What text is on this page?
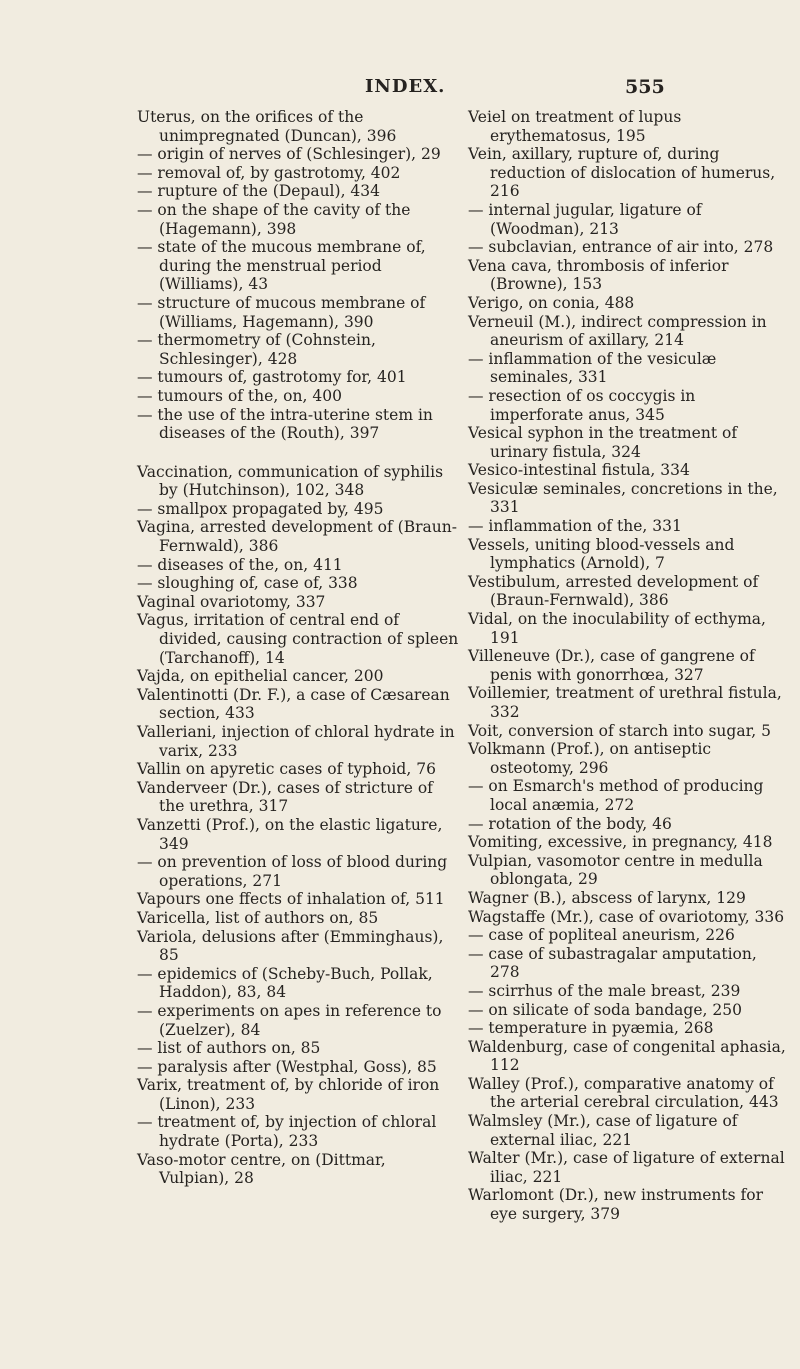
INDEX.	555

Uterus, on the orifices of the unimpregnated (Duncan), 396

— origin of nerves of (Schlesinger), 29

— removal of, by gastrotomy, 402

— rupture of the (Depaul), 434

— on the shape of the cavity of the (Hagemann), 398

— state of the mucous membrane of, during the menstrual period (Williams), 43

— structure of mucous membrane of (Williams, Hagemann), 390

— thermometry of (Cohnstein, Schlesinger), 428

— tumours of, gastrotomy for, 401

— tumours of the, on, 400

— the use of the intra-uterine stem in diseases of the (Routh), 397

Vaccination, communication of syphilis by (Hutchinson), 102, 348

— smallpox propagated by, 495

Vagina, arrested development of (Braun-Fernwald), 386

— diseases of the, on, 411

— sloughing of, case of, 338

Vaginal ovariotomy, 337

Vagus, irritation of central end of divided, causing contraction of spleen (Tarchanoff), 14

Vajda, on epithelial cancer, 200

Valentinotti (Dr. F.), a case of Cæsarean section, 433

Valleriani, injection of chloral hydrate in varix, 233

Vallin on apyretic cases of typhoid, 76

Vanderveer (Dr.), cases of stricture of the urethra, 317

Vanzetti (Prof.), on the elastic ligature, 349

— on prevention of loss of blood during operations, 271

Vapours one ffects of inhalation of, 511

Varicella, list of authors on, 85

Variola, delusions after (Emminghaus), 85

— epidemics of (Scheby-Buch, Pollak, Haddon), 83, 84

— experiments on apes in reference to (Zuelzer), 84

— list of authors on, 85

— paralysis after (Westphal, Goss), 85

Varix, treatment of, by chloride of iron (Linon), 233

— treatment of, by injection of chloral hydrate (Porta), 233

Vaso-motor centre, on (Dittmar, Vulpian), 28

Veiel on treatment of lupus erythematosus, 195

Vein, axillary, rupture of, during reduction of dislocation of humerus, 216

— internal jugular, ligature of (Woodman), 213

— subclavian, entrance of air into, 278

Vena cava, thrombosis of inferior (Browne), 153

Verigo, on conia, 488

Verneuil (M.), indirect compression in aneurism of axillary, 214

— inflammation of the vesiculæ seminales, 331

— resection of os coccygis in imperforate anus, 345

Vesical syphon in the treatment of urinary fistula, 324

Vesico-intestinal fistula, 334

Vesiculæ seminales, concretions in the, 331

— inflammation of the, 331

Vessels, uniting blood-vessels and lymphatics (Arnold), 7

Vestibulum, arrested development of (Braun-Fernwald), 386

Vidal, on the inoculability of ecthyma, 191

Villeneuve (Dr.), case of gangrene of penis with gonorrhœa, 327

Voillemier, treatment of urethral fistula, 332

Voit, conversion of starch into sugar, 5

Volkmann (Prof.), on antiseptic osteotomy, 296

— on Esmarch's method of producing local anæmia, 272

— rotation of the body, 46

Vomiting, excessive, in pregnancy, 418

Vulpian, vasomotor centre in medulla oblongata, 29

Wagner (B.), abscess of larynx, 129

Wagstaffe (Mr.), case of ovariotomy, 336

— case of popliteal aneurism, 226

— case of subastragalar amputation, 278

— scirrhus of the male breast, 239

— on silicate of soda bandage, 250

— temperature in pyæmia, 268

Waldenburg, case of congenital aphasia, 112

Walley (Prof.), comparative anatomy of the arterial cerebral circulation, 443

Walmsley (Mr.), case of ligature of external iliac, 221

Walter (Mr.), case of ligature of external iliac, 221

Warlomont (Dr.), new instruments for eye surgery, 379
